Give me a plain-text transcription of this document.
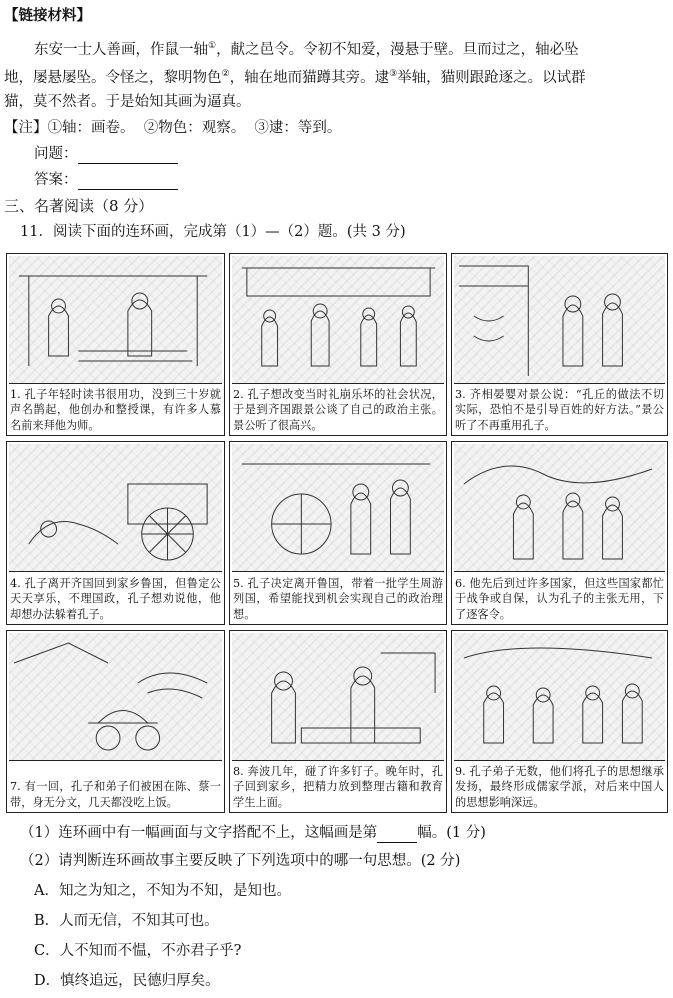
【链接材料】
东安一士人善画，作鼠一轴①，献之邑令。令初不知爱，漫悬于壁。旦而过之，轴必坠
地，屡悬屡坠。令怪之，黎明物色②，轴在地而猫蹲其旁。逮③举轴，猫则跟跄逐之。以试群
猫，莫不然者。于是始知其画为逼真。
【注】①轴：画卷。  ②物色：观察。  ③逮：等到。
问题：
答案：
三、名著阅读（8 分）
11．阅读下面的连环画，完成第（1）—（2）题。(共 3 分)
1. 孔子年轻时读书很用功，没到三十岁就声名鹊起，他创办和整授课，有许多人慕名前来拜他为师。
2. 孔子想改变当时礼崩乐坏的社会状况，于是到齐国跟景公谈了自己的政治主张。景公听了很高兴。
3. 齐相晏婴对景公说：“孔丘的做法不切实际，恐怕不是引导百姓的好方法。”景公听了不再重用孔子。
4. 孔子离开齐国回到家乡鲁国，但鲁定公天天享乐，不理国政，孔子想劝说他，他却想办法躲着孔子。
5. 孔子决定离开鲁国，带着一批学生周游列国，希望能找到机会实现自己的政治理想。
6. 他先后到过许多国家，但这些国家都忙于战争或自保，认为孔子的主张无用，下了逐客令。
7. 有一回，孔子和弟子们被困在陈、蔡一带，身无分文，几天都没吃上饭。
8. 奔波几年，碰了许多钉子。晚年时，孔子回到家乡，把精力放到整理古籍和教育学生上面。
9. 孔子弟子无数，他们将孔子的思想继承发扬，最终形成儒家学派，对后来中国人的思想影响深远。
（1）连环画中有一幅画面与文字搭配不上，这幅画是第	幅。(1 分)
（2）请判断连环画故事主要反映了下列选项中的哪一句思想。(2 分)
A．知之为知之，不知为不知，是知也。
B．人而无信，不知其可也。
C．人不知而不愠，不亦君子乎?
D．慎终追远，民德归厚矣。
